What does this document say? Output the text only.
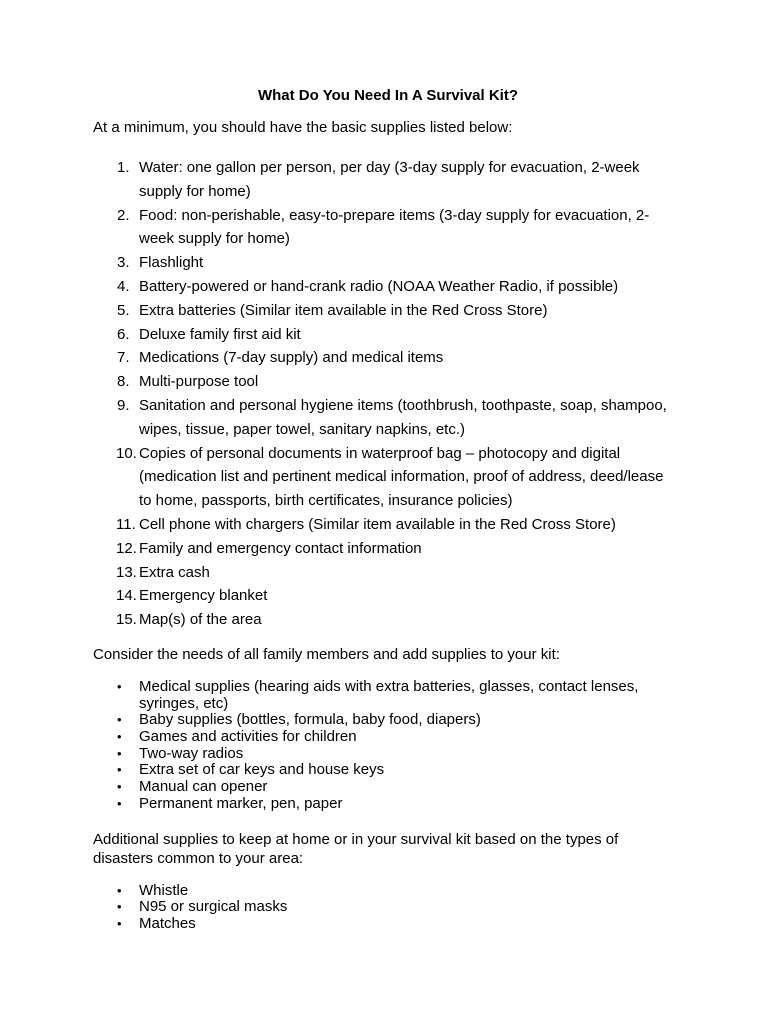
What Do You Need In A Survival Kit?
At a minimum, you should have the basic supplies listed below:
1. Water: one gallon per person, per day (3-day supply for evacuation, 2-week supply for home)
2. Food: non-perishable, easy-to-prepare items (3-day supply for evacuation, 2-week supply for home)
3. Flashlight
4. Battery-powered or hand-crank radio (NOAA Weather Radio, if possible)
5. Extra batteries (Similar item available in the Red Cross Store)
6. Deluxe family first aid kit
7. Medications (7-day supply) and medical items
8. Multi-purpose tool
9. Sanitation and personal hygiene items (toothbrush, toothpaste, soap, shampoo, wipes, tissue, paper towel, sanitary napkins, etc.)
10. Copies of personal documents in waterproof bag – photocopy and digital (medication list and pertinent medical information, proof of address, deed/lease to home, passports, birth certificates, insurance policies)
11. Cell phone with chargers (Similar item available in the Red Cross Store)
12. Family and emergency contact information
13. Extra cash
14. Emergency blanket
15. Map(s) of the area
Consider the needs of all family members and add supplies to your kit:
• Medical supplies (hearing aids with extra batteries, glasses, contact lenses, syringes, etc)
• Baby supplies (bottles, formula, baby food, diapers)
• Games and activities for children
• Two-way radios
• Extra set of car keys and house keys
• Manual can opener
• Permanent marker, pen, paper
Additional supplies to keep at home or in your survival kit based on the types of disasters common to your area:
• Whistle
• N95 or surgical masks
• Matches
